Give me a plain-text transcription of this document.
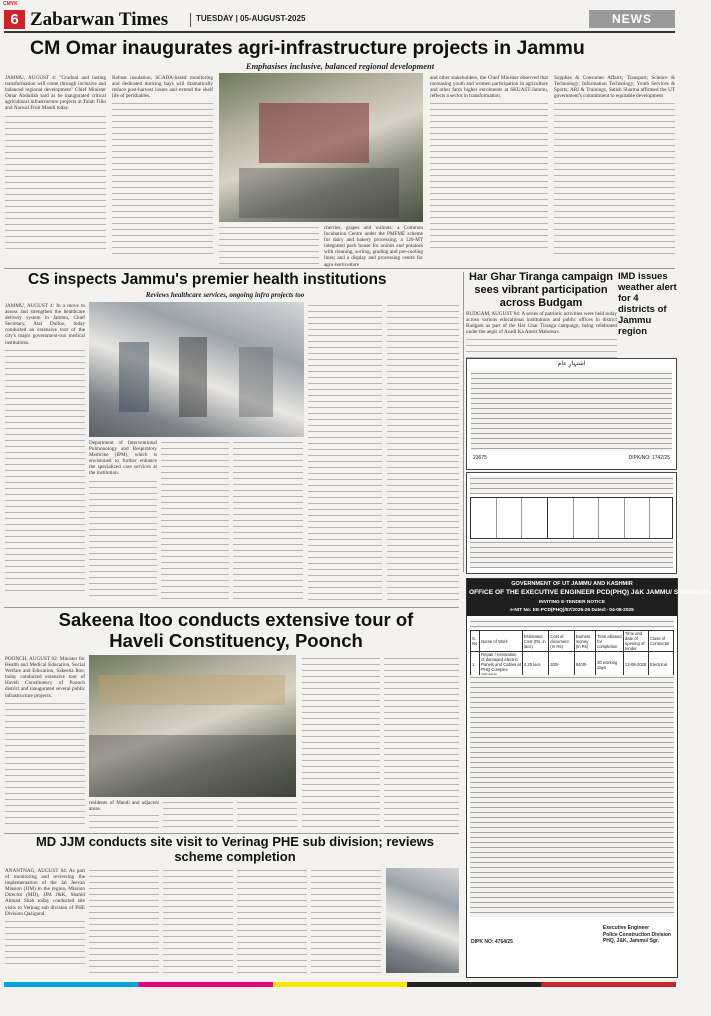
CMYK
6 Zabarwan Times	TUESDAY | 05-AUGUST-2025	NEWS
CM Omar inaugurates agri-infrastructure projects in Jammu
Emphasises inclusive, balanced regional development
JAMMU, AUGUST 4: "Gradual and lasting transformation will come through inclusive and balanced regional development" Chief Minister Omar Abdullah said as he inaugurated critical agricultural infrastructure projects at Talab Tillo and Narwal Fruit Mandi today.
Robust insulation, SCADA-based monitoring and dedicated docking bays will dramatically reduce post-harvest losses and extend the shelf life of perishables.
cherries, grapes and walnuts: a Common Incubation Centre under the PMFME scheme for dairy and bakery processing; a 120-MT integrated pack house for onions and potatoes with cleaning, sorting, grading and pre-cooling lines; and a display and processing centre for agro-horticulture
and other stakeholders, the Chief Minister observed that increasing youth and women participation in agriculture and other farm higher enrolments at SKUAST-Jammu, reflects a sector in transformation.
Supplies & Consumer Affairs; Transport; Science & Technology; Information Technology; Youth Services & Sports; ARI & Trainings, Satish Sharma affirmed the UT government's commitment to equitable development
CS inspects Jammu's premier health institutions
Reviews healthcare services, ongoing infra projects too
JAMMU, AUGUST 4: In a move to assess and strengthen the healthcare delivery system in Jammu, Chief Secretary, Atal Dulloo, today conducted an extensive tour of the city's major government-run medical institutions.
Department of Interventional Pulmonology and Respiratory Medicine (IPM), which is envisioned to further enhance the specialized care services at the institution.
Har Ghar Tiranga campaign sees vibrant participation across Budgam
BUDGAM, AUGUST 04: A series of patriotic activities were held today across various educational institutions and public offices in district Budgam as part of the Har Ghar Tiranga campaign, being celebrated under the aegis of Azadi Ka Amrit Mahotsav.
IMD issues weather alert for 4 districts of Jammu region
اشتہارِ عام
23675	DIPK/NO: 1742/25
GOVERNMENT OF UT JAMMU AND KASHMIR
OFFICE OF THE EXECUTIVE ENGINEER PCD(PHQ) J&K JAMMU/ SRINAGAR.
INVITING E-TENDER NOTICE
e-NIT No: EE-PCD(PHQ)/57/2025-26 Dated:- 04-08-2025
S. No	Name of Work	Estimated Cost (Rs. in lacs)	Cost of document (In Rs)	Earnest money (In Rs)	Time allowed for completion	Time and date of opening of tender	Class of Contractor
1	Repair / renovation of damaged electric Panels and Cables at PHQ Complex	4.20 lacs	300/-	8400/-	30 working days	13-08-2025	Electrical
DIPK NO: 4764/25
Executive Engineer
Police Construction Division
PHQ, J&K, Jammu/ Sgr.
Sakeena Itoo conducts extensive tour of Haveli Constituency, Poonch
POONCH, AUGUST 02: Minister for Health and Medical Education, Social Welfare and Education, Sakeena Itoo, today conducted extensive tour of Haveli Constituency of Poonch district and inaugurated several public infrastructure projects.
residents of Mandi and adjacent areas.
MD JJM conducts site visit to Verinag PHE sub division; reviews scheme completion
ANANTNAG, AUGUST 04: As part of monitoring and reviewing the implementation of the Jal Jeevan Mission (JJM) in the region, Mission Director (MD), JJM J&K, Shahid Ahmad Shah today conducted site visits to Verinag sub division of PHE Division Qazigund.
